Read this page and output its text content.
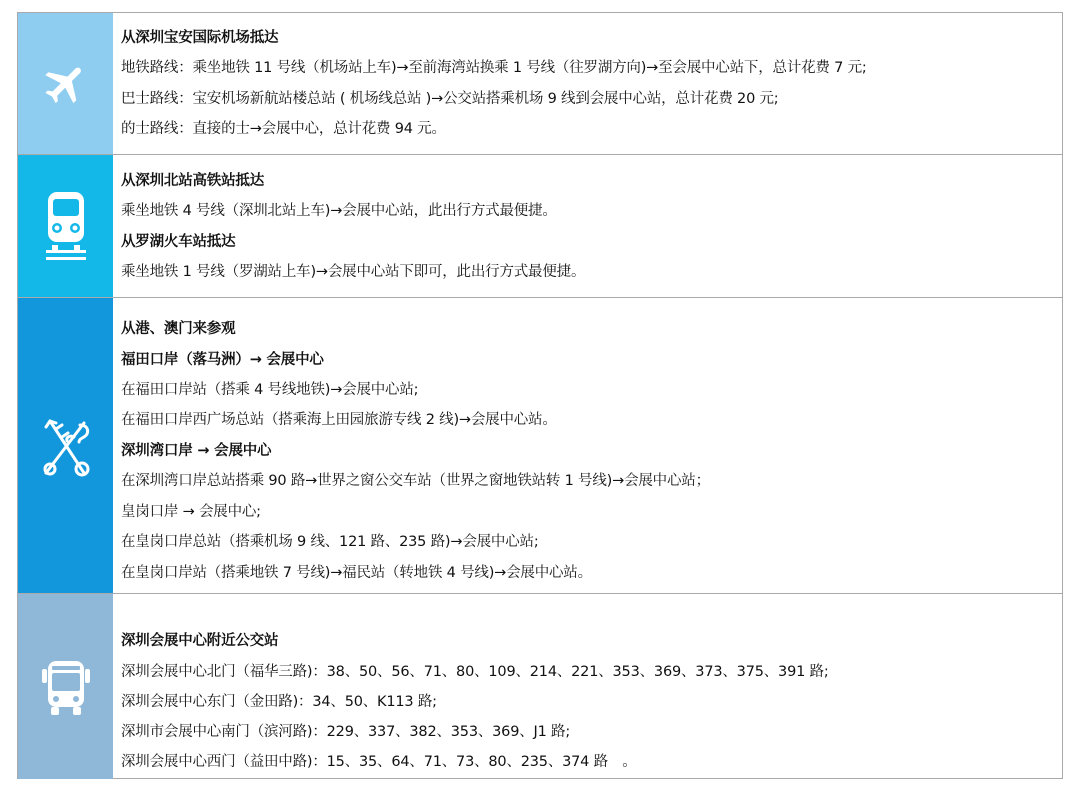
从深圳宝安国际机场抵达
地铁路线：乘坐地铁 11 号线（机场站上车)→至前海湾站换乘 1 号线（往罗湖方向)→至会展中心站下，总计花费 7 元;
巴士路线：宝安机场新航站楼总站 ( 机场线总站 )→公交站搭乘机场 9 线到会展中心站，总计花费 20 元;
的士路线：直接的士→会展中心，总计花费 94 元。
从深圳北站高铁站抵达
乘坐地铁 4 号线（深圳北站上车)→会展中心站，此出行方式最便捷。
从罗湖火车站抵达
乘坐地铁 1 号线（罗湖站上车)→会展中心站下即可，此出行方式最便捷。
从港、澳门来参观
福田口岸（落马洲）→ 会展中心
在福田口岸站（搭乘 4 号线地铁)→会展中心站;
在福田口岸西广场总站（搭乘海上田园旅游专线 2 线)→会展中心站。
深圳湾口岸 → 会展中心
在深圳湾口岸总站搭乘 90 路→世界之窗公交车站（世界之窗地铁站转 1 号线)→会展中心站；
皇岗口岸 → 会展中心;
在皇岗口岸总站（搭乘机场 9 线、121 路、235 路)→会展中心站;
在皇岗口岸站（搭乘地铁 7 号线)→福民站（转地铁 4 号线)→会展中心站。
深圳会展中心附近公交站
深圳会展中心北门（福华三路)：38、50、56、71、80、109、214、221、353、369、373、375、391 路;
深圳会展中心东门（金田路)：34、50、K113 路;
深圳市会展中心南门（滨河路)：229、337、382、353、369、J1 路;
深圳会展中心西门（益田中路)：15、35、64、71、73、80、235、374 路　。
